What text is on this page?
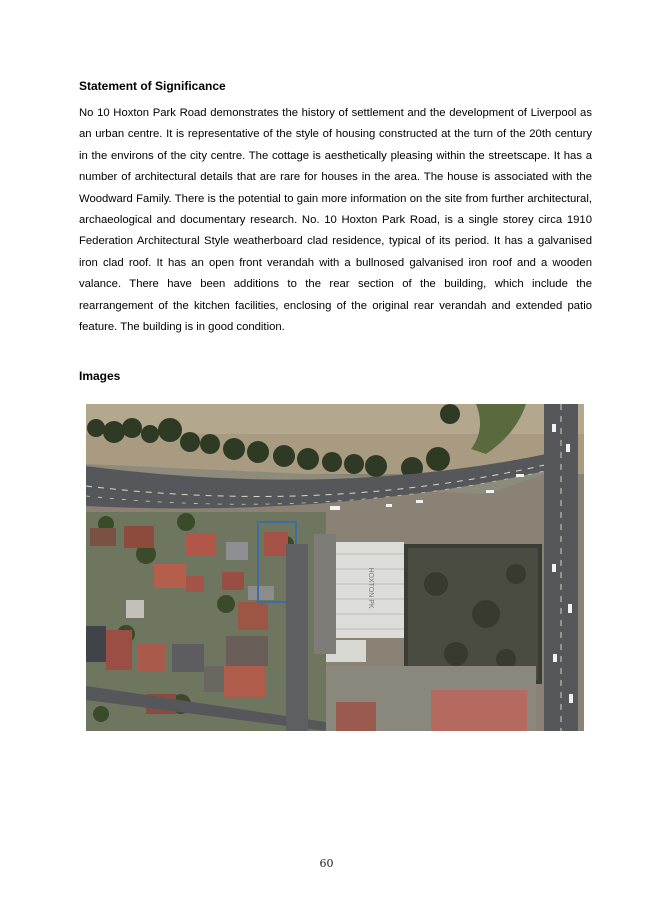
Statement of Significance
No 10 Hoxton Park Road demonstrates the history of settlement and the development of Liverpool as an urban centre. It is representative of the style of housing constructed at the turn of the 20th century in the environs of the city centre. The cottage is aesthetically pleasing within the streetscape. It has a number of architectural details that are rare for houses in the area. The house is associated with the Woodward Family. There is the potential to gain more information on the site from further architectural, archaeological and documentary research. No. 10 Hoxton Park Road, is a single storey circa 1910 Federation Architectural Style weatherboard clad residence, typical of its period. It has a galvanised iron clad roof. It has an open front verandah with a bullnosed galvanised iron roof and a wooden valance. There have been additions to the rear section of the building, which include the rearrangement of the kitchen facilities, enclosing of the original rear verandah and extended patio feature. The building is in good condition.
Images
HOXTON PK
60
